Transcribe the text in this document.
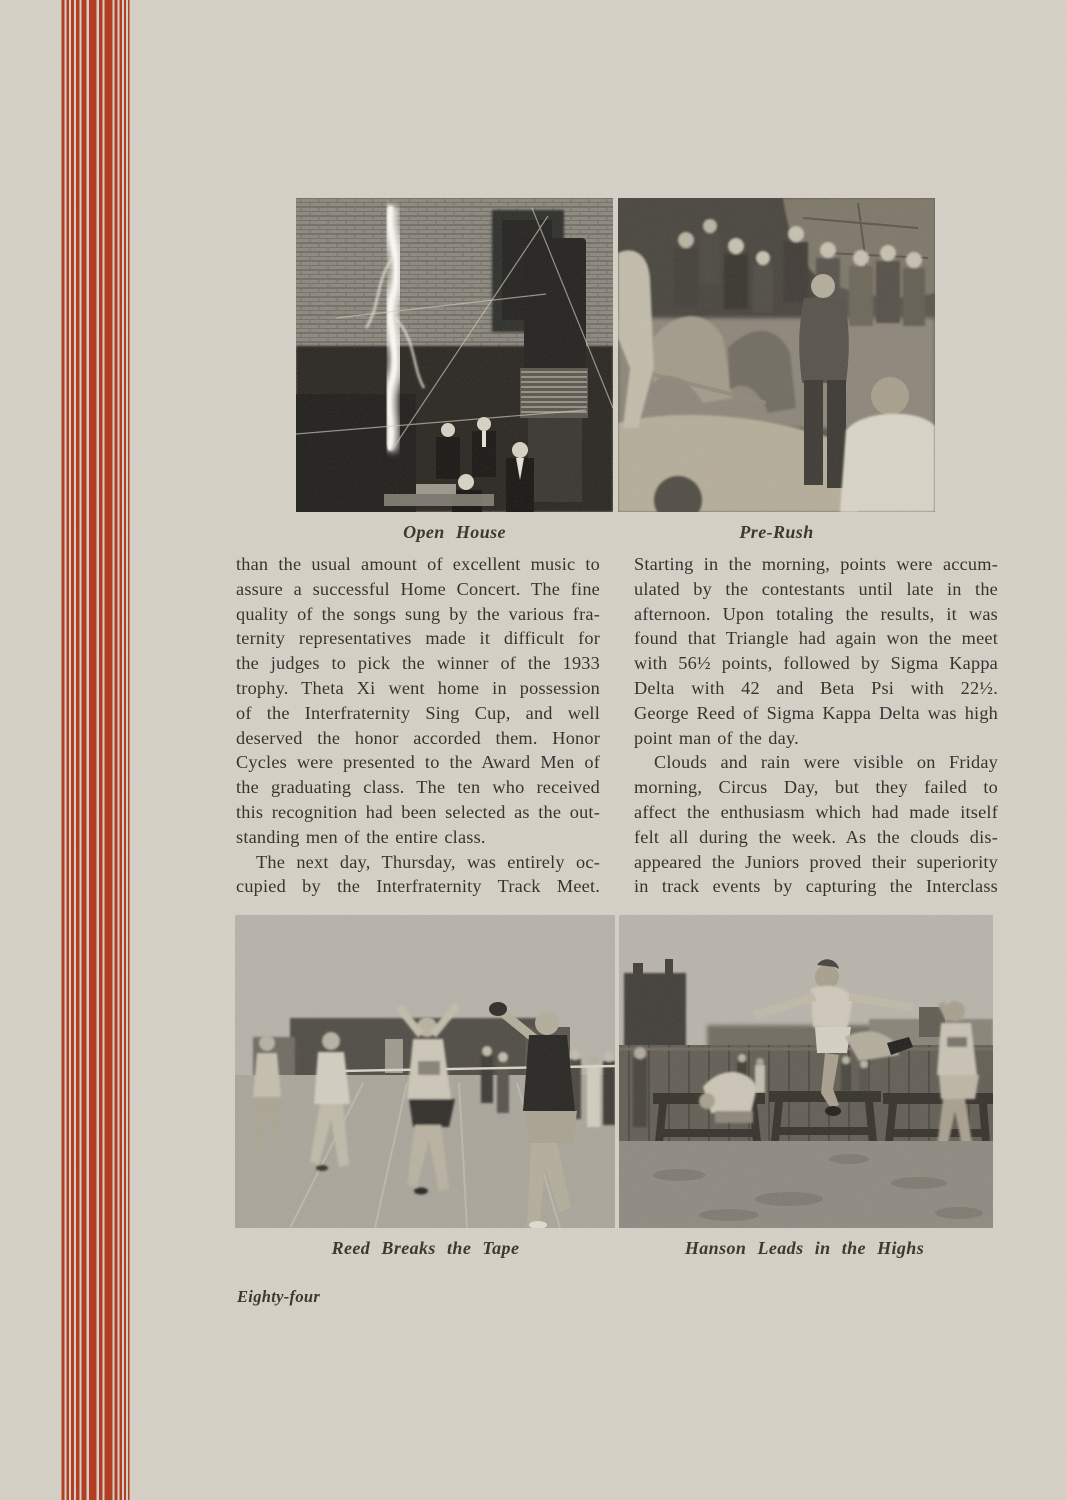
Open House	Pre-Rush
than the usual amount of excellent music to
assure a successful Home Concert. The fine
quality of the songs sung by the various fra-
ternity representatives made it difficult for
the judges to pick the winner of the 1933
trophy. Theta Xi went home in possession
of the Interfraternity Sing Cup, and well
deserved the honor accorded them. Honor
Cycles were presented to the Award Men of
the graduating class. The ten who received
this recognition had been selected as the out-
standing men of the entire class.
The next day, Thursday, was entirely oc-
cupied by the Interfraternity Track Meet.
Starting in the morning, points were accum-
ulated by the contestants until late in the
afternoon. Upon totaling the results, it was
found that Triangle had again won the meet
with 56½ points, followed by Sigma Kappa
Delta with 42 and Beta Psi with 22½.
George Reed of Sigma Kappa Delta was high
point man of the day.
Clouds and rain were visible on Friday
morning, Circus Day, but they failed to
affect the enthusiasm which had made itself
felt all during the week. As the clouds dis-
appeared the Juniors proved their superiority
in track events by capturing the Interclass
Reed Breaks the Tape	Hanson Leads in the Highs
Eighty-four
